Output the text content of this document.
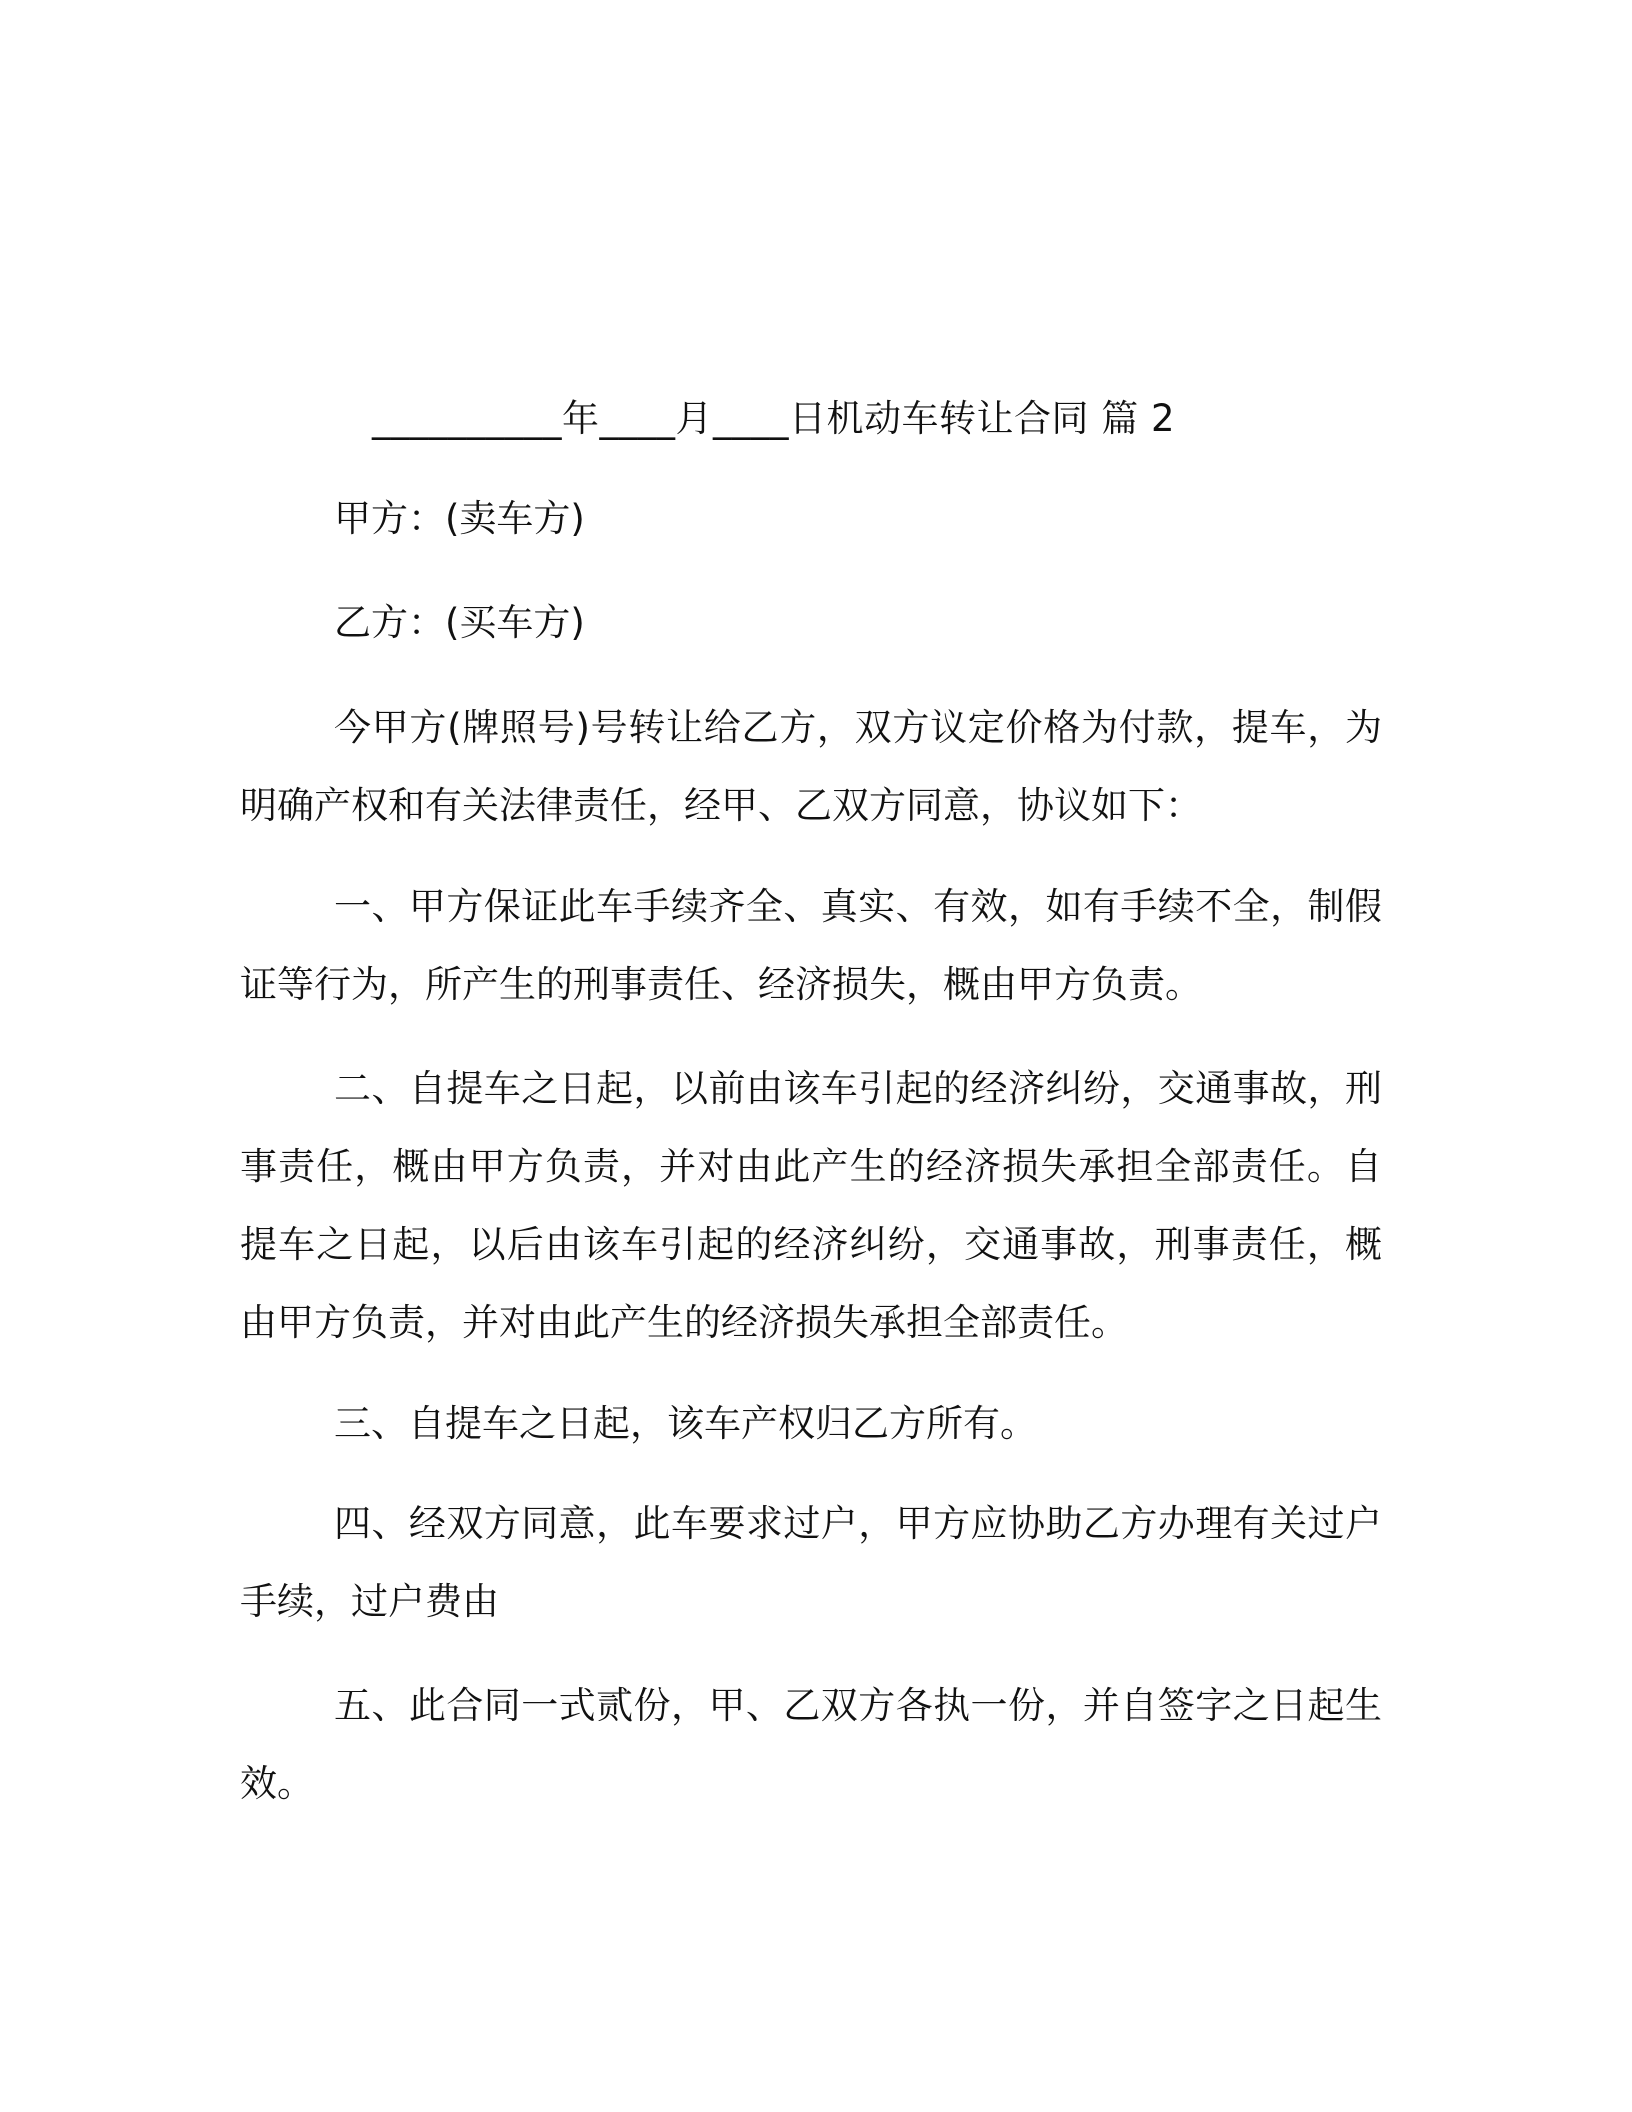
__________年____月____日机动车转让合同 篇 2
甲方：(卖车方)
乙方：(买车方)

今甲方(牌照号)号转让给乙方，双方议定价格为付款，提车，为明确产权和有关法律责任，经甲、乙双方同意，协议如下：

一、甲方保证此车手续齐全、真实、有效，如有手续不全，制假证等行为，所产生的刑事责任、经济损失，概由甲方负责。

二、自提车之日起，以前由该车引起的经济纠纷，交通事故，刑事责任，概由甲方负责，并对由此产生的经济损失承担全部责任。自提车之日起，以后由该车引起的经济纠纷，交通事故，刑事责任，概由甲方负责，并对由此产生的经济损失承担全部责任。

三、自提车之日起，该车产权归乙方所有。

四、经双方同意，此车要求过户，甲方应协助乙方办理有关过户手续，过户费由

五、此合同一式贰份，甲、乙双方各执一份，并自签字之日起生效。
